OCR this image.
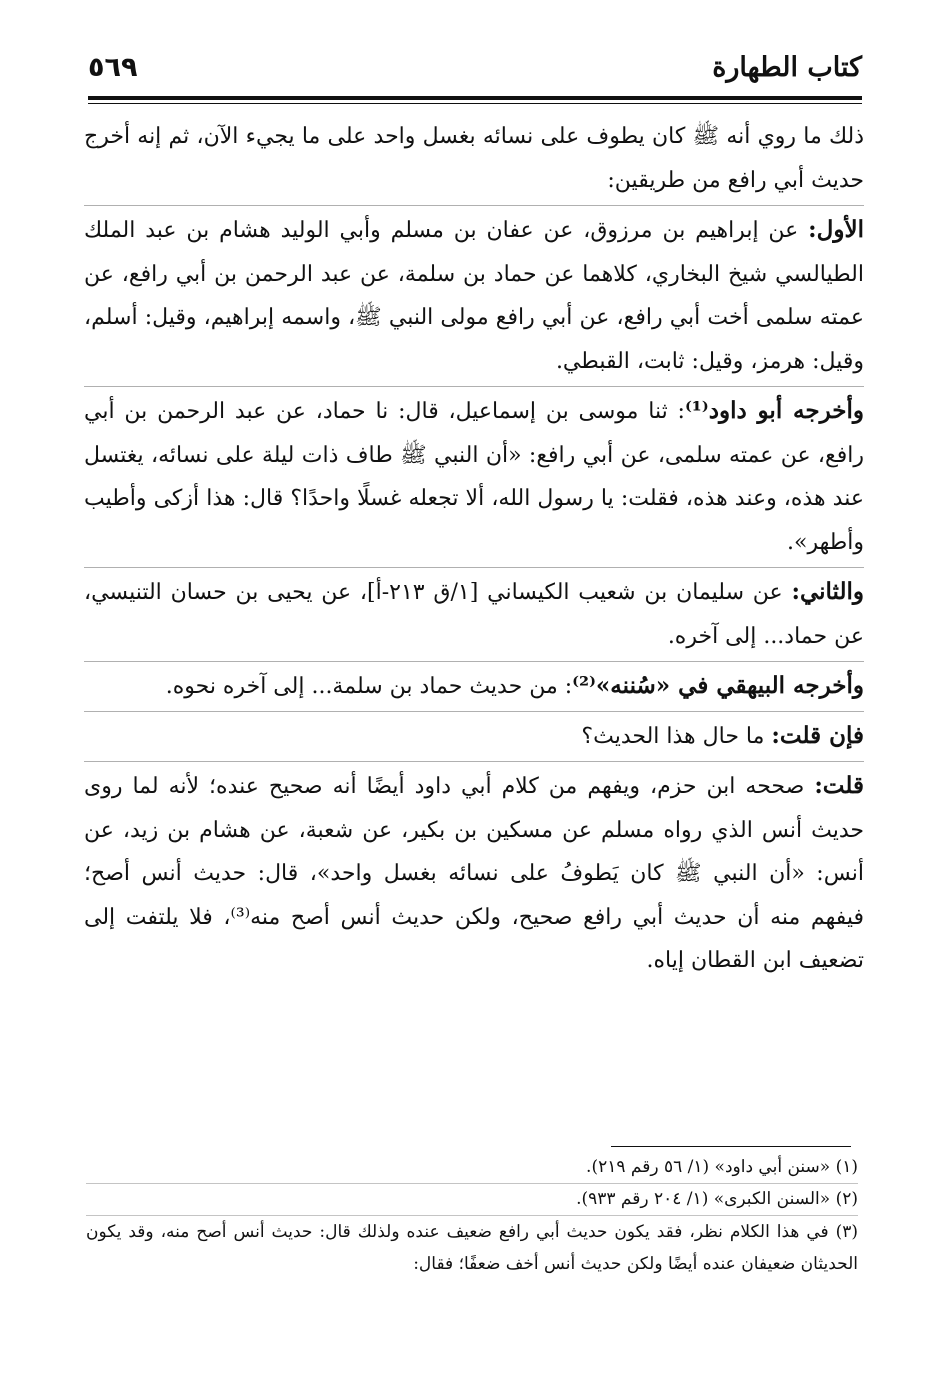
كتاب الطهارة
٥٦٩

ذلك ما روي أنه ﷺ كان يطوف على نسائه بغسل واحد على ما يجيء الآن، ثم إنه أخرج حديث أبي رافع من طريقين:

الأول: عن إبراهيم بن مرزوق، عن عفان بن مسلم وأبي الوليد هشام بن عبد الملك الطيالسي شيخ البخاري، كلاهما عن حماد بن سلمة، عن عبد الرحمن بن أبي رافع، عن عمته سلمى أخت أبي رافع، عن أبي رافع مولى النبي ﷺ، واسمه إبراهيم، وقيل: أسلم، وقيل: هرمز، وقيل: ثابت، القبطي.

وأخرجه أبو داود⁽¹⁾: ثنا موسى بن إسماعيل، قال: نا حماد، عن عبد الرحمن بن أبي رافع، عن عمته سلمى، عن أبي رافع: «أن النبي ﷺ طاف ذات ليلة على نسائه، يغتسل عند هذه، وعند هذه، فقلت: يا رسول الله، ألا تجعله غسلًا واحدًا؟ قال: هذا أزكى وأطيب وأطهر».

والثاني: عن سليمان بن شعيب الكيساني [١/ق ٢١٣-أ]، عن يحيى بن حسان التنيسي، عن حماد... إلى آخره.

وأخرجه البيهقي في «سُننه»⁽²⁾: من حديث حماد بن سلمة... إلى آخره نحوه.

فإن قلت: ما حال هذا الحديث؟

قلت: صححه ابن حزم، ويفهم من كلام أبي داود أيضًا أنه صحيح عنده؛ لأنه لما روى حديث أنس الذي رواه مسلم عن مسكين بن بكير، عن شعبة، عن هشام بن زيد، عن أنس: «أن النبي ﷺ كان يَطوفُ على نسائه بغسل واحد»، قال: حديث أنس أصح؛ فيفهم منه أن حديث أبي رافع صحيح، ولكن حديث أنس أصح منه⁽³⁾، فلا يلتفت إلى تضعيف ابن القطان إياه.

(١) «سنن أبي داود» (١/ ٥٦ رقم ٢١٩).

(٢) «السنن الكبرى» (١/ ٢٠٤ رقم ٩٣٣).

(٣) في هذا الكلام نظر، فقد يكون حديث أبي رافع ضعيف عنده ولذلك قال: حديث أنس أصح منه، وقد يكون الحديثان ضعيفان عنده أيضًا ولكن حديث أنس أخف ضعفًا؛ فقال:
